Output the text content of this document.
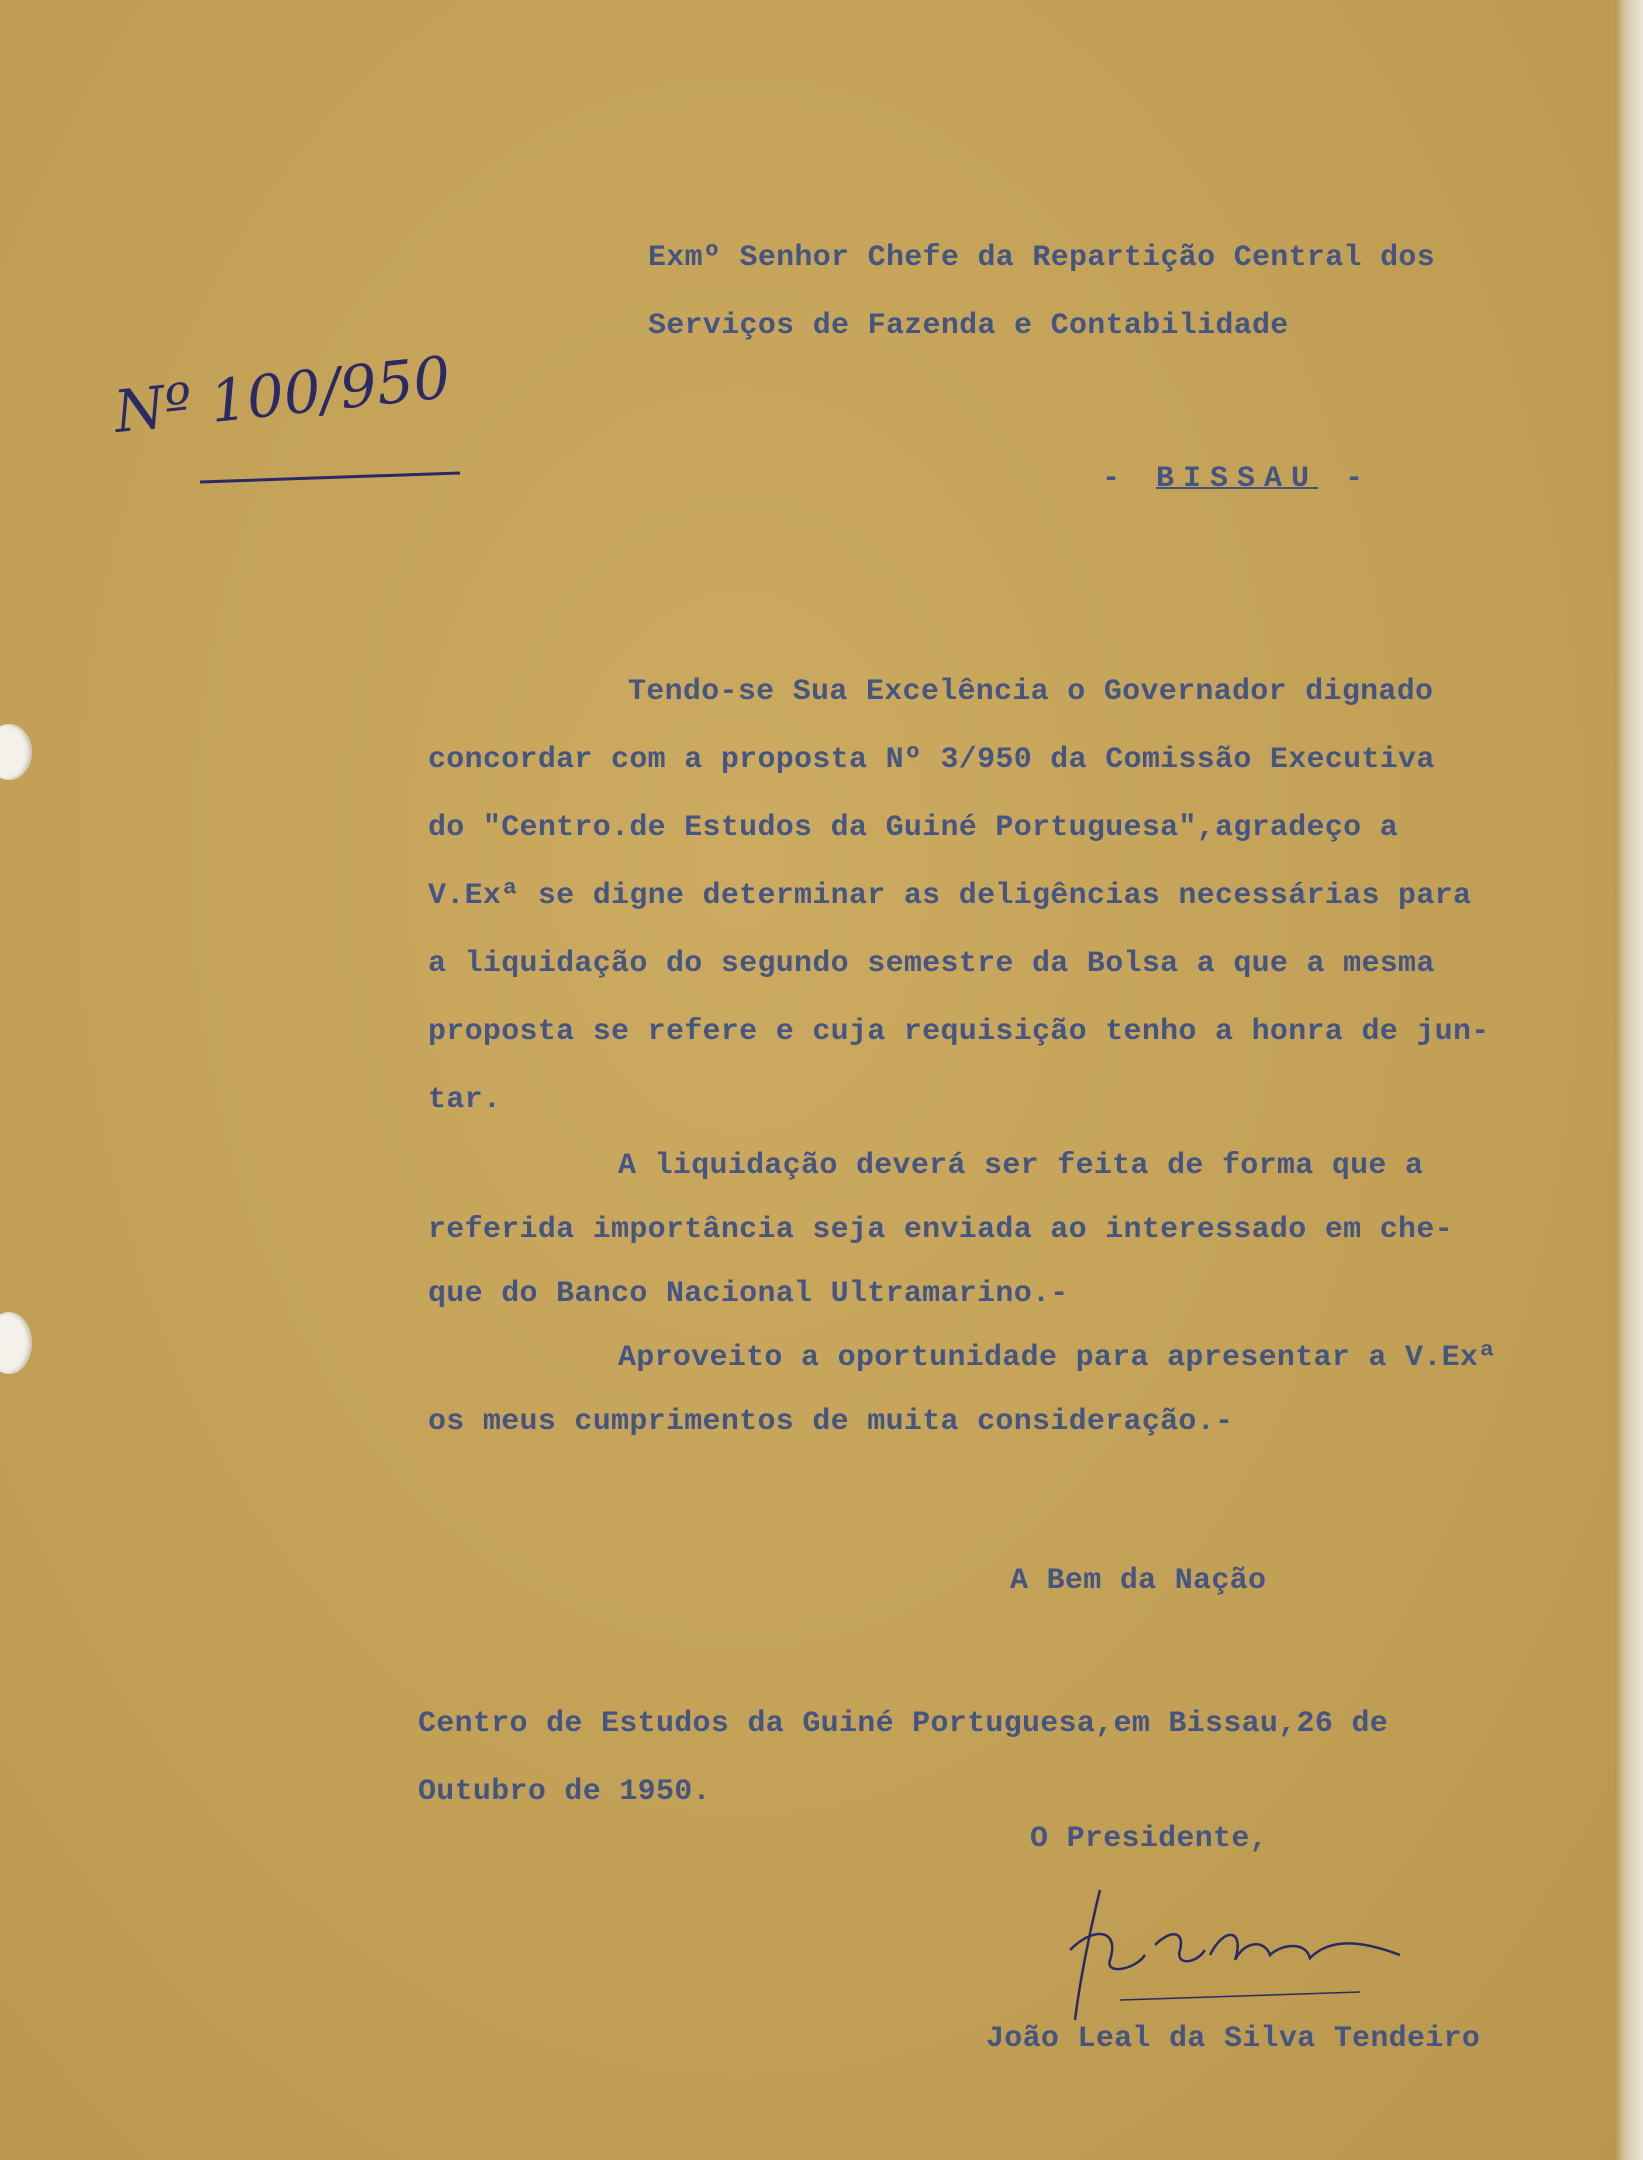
Nº 100/950
Exmº Senhor Chefe da Repartição Central dos
Serviços de Fazenda e Contabilidade
- BISSAU -
Tendo-se Sua Excelência o Governador dignado
concordar com a proposta Nº 3/950 da Comissão Executiva
do "Centro.de Estudos da Guiné Portuguesa",agradeço a
V.Exª se digne determinar as deligências necessárias para
a liquidação do segundo semestre da Bolsa a que a mesma
proposta se refere e cuja requisição tenho a honra de jun-
tar.
A liquidação deverá ser feita de forma que a
referida importância seja enviada ao interessado em che-
que do Banco Nacional Ultramarino.-
Aproveito a oportunidade para apresentar a V.Exª
os meus cumprimentos de muita consideração.-
A Bem da Nação
Centro de Estudos da Guiné Portuguesa,em Bissau,26 de
Outubro de 1950.
O Presidente,
João Leal da Silva Tendeiro
